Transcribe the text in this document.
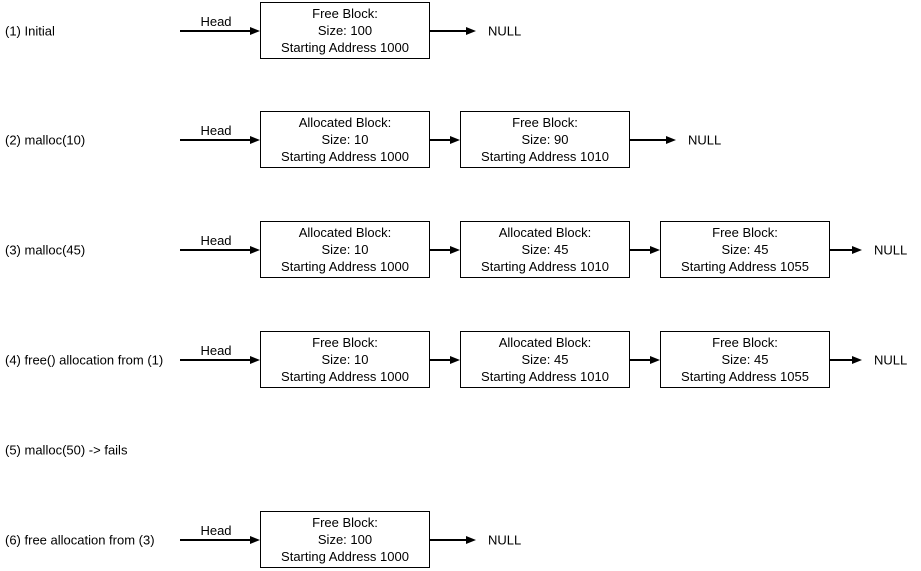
(1) Initial
Head
Free Block:
Size: 100
Starting Address 1000
NULL
(2) malloc(10)
Head
Allocated Block:
Size: 10
Starting Address 1000
Free Block:
Size: 90
Starting Address 1010
NULL
(3) malloc(45)
Head
Allocated Block:
Size: 10
Starting Address 1000
Allocated Block:
Size: 45
Starting Address 1010
Free Block:
Size: 45
Starting Address 1055
NULL
(4) free() allocation from (1)
Head
Free Block:
Size: 10
Starting Address 1000
Allocated Block:
Size: 45
Starting Address 1010
Free Block:
Size: 45
Starting Address 1055
NULL
(5) malloc(50) -> fails
(6) free allocation from (3)
Head
Free Block:
Size: 100
Starting Address 1000
NULL
